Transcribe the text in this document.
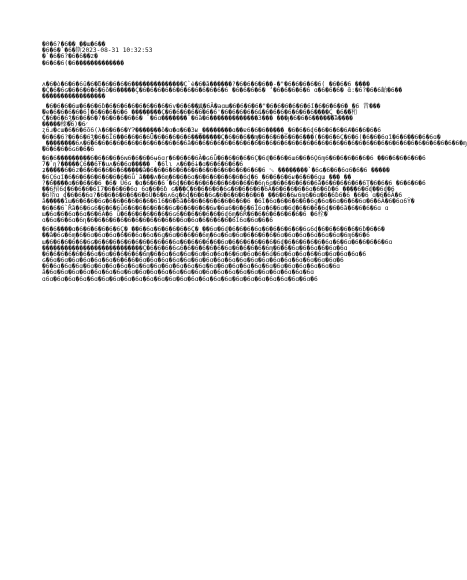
�0�6?�6�� ��ɯ�6��
�6�6�`�6�斯2023-08-31 10:32:53
�`�6�6?�6�6��z�
�6�6�6(�6�������������
ʌ�6�ò�6�6�6ū�6�ƃ�6�6�6�6��������������Ç`ė�6�ȁ������?�6�6�6�6��-�"�6�6�6�6�6( �6�6�6 ����
�Ç�6�6ɢ�6�6�6�6�6ō�6�����Ç�6�6�6�6�6�6�6�6�6�6�6�6 �6�6�6�6� ʼ�6�6�6�6�6 ɑ�6�6�6� ᾱ:�6?�6�6齝�6��
�����������������
_�6�6�6�6ɯ�6�6�6ɓ�6�6�6�6�6�6�6�6�6v�6�6��Ԭ�6Ȁ�aɑɯ�6�6�6�6�"�6�6�6�6�6�6ǐ�6�6�6�6�_�6 昔���
�e�6�6�6�6�6]�6�6�6�6�6 ��������Ç�6�6�6�6�6�6�6'�6�6�6�6�6ȡ�6�6�6�6�6�6�6����Ç_�6��桁
Ç�6�6�6ǯ�6�6�6�?�6�6�6�6�6� `�6ɑ�������`�6ȁ�6�������������3��� ���ɉ�6�6�6������ȁ����
�����榛�6)�6⁄_
ʐ6ɹ�cɯ�6�6�6ȯ6(λ�6�6�6�YɁ�������ȍ�ɑ�ɑ�6�3ʁ_��������ɑ��ɐ6�6�6�����_�6�6�6ɖ6�6�6�6�6Ⱥ�6�6�6�6
�6�6�6?�6�6�6ǯ�6�6Ǐ6��6�6�6�6Ǖ�6�6�6�6�6��������Ç�6�6�6��ɱ�6�6�6�6�6�6���(�6�6�6Ç�6�6(�6�6�6ɑǐ�6�6��6�6�6ɑ�
_��������6ʌ�6�6�6�6�6�6�6�6�6�6�6�6�6�6ȁ�6�6�6�6�6�6�6�6�6�6�6�6�6�6�6�6�6�6�6�6�6�6�6�6�6�6�6�6�6�6�6�6�6�6�6�6�ɱ
�6�6�6�6ɢ6�6�6
�6�6���������6�6�6�6�6ɴ6�6�6�6ʉ6ɑr�6�6�6�6Ȁ�ɢ6ǖ�6�6�6�6�6Ç�6ɖ�6�6�6ɯ6�6�6Ǫ6ɱ6�6�6�6�6�6�6 ��6�6�6�6�6�6
7�`ɳ?�����Ç6��6Ŧ�uʌ�6�6ɑ����� `�6ĺɩ ʌ�6�6ɨ�ɑ�6�6�6�6�6
ʑ�����6�6z�6�6�6�6�6�6�����ȁ�6�6�6�6�6�6�6�6�6�6�6�6�6�6�6�6 ␚ ��������`�6ɢ�6�6�6ɑ6�6�6 �����
�6Ç6ɑǐ�6�6�6�6�6�6�6�6�6ǖ`ȁ���ʌ�6ɱ�6�6�6ɑ�6�6�6�6�6�6�6ɖ�6 �6�6�6�6ʁ�6�6�6ɡɯ ��� ��
?�6����ɑ�6�6�6�6 �6� Ǘ6ɢ �ɑ�6�6�6 �6ɖ�6�6�6�6�6�6�6�6�6�6�6ɳ6ɑ�6�6�6�6�6�6ȁ�6�6�6�6�6�6Ţ�6�6�6 �6�6�6�6
��6棺6ɖ�6�6�6�6ǐ7�6�6�6�6ɑ 6ɑ�6�6ɓ ɢ���Ç�6�6�6�6�6ɢ�6�6�6�6�6Ȁ�6�6�6�6�6ɑ�6�6ɓ�6 ����6�6ɖ��6ɖ�6
�6帋ɑ ɖ�6�6�6ɑ?�6�6�6�6�6�6�6Ǘ�6�6ʌ6ɡ�6ɖ�6�6�6ɢ�6�6�6�6�6�6� ��6�6�6ʁ6ɱ6�6ɑ�6�6ɓ6�6 �6�6 ɑ�6�6Ȁ�6
ȁ�����ȋɯ�6�6�6�6ɢ�6�6�6�6�6�6�6ǐ6�6�6ȁ�6�6�6�6�6�6�6�6�6 �6ȉ�6ɑ�6�6�6�6�6ɡ�6ɑ�6ɑ�6�6�6ɑ�6�6Ȁ�6�6ɑ6Ŷ�
�6�6�6`Ȓȁ�6�6ɢ6�6�6�6ǖ6�6�6�6�6�6�6ɢ�6�6�6�6�6ʁ�6ɯ6�6�6�6Ǐ6ɑ�6�6ɑ�6ɖ�6�6�6�6ɖ�6�6ȁ�6�6�6�6ɑ ɑ
ɯ�6ɑ�6�6ɑ�6ɑ�6�6Ȁ�6 ǖ�6�6�6�6�6�6�6ɢ6�6�6�6�6�6�6ɖ6ɱ�6Ȓ�6�6�6�6�6�6�6�6 �6栓�
ɑ�6ɑ�6�6ɑ�6ɳ�6�6�6�6�6�6�6�6�6�6�6�6�6ɑ�6ɑ�6�6�6�6�6ǐ6ɑ�6ɑ�6�6
�6�6����ɑ�6�6�6�6�6�6Ç� ��6�6ɑ�6�6�6�6�6Ç� ��6ɑ�6ɖ�6�6�6�6ɑ�6�6�6�6�6�6ɢ6ɖ�6�6�6�6�6�6ɓ�6�6�
��ȁ�6ɢ�6ɱ�6�6ɑ�6ɑ�6ɑ�6�6�6ɑ�6ɑ�6ɡ�6ɑ�6�6�6�6ɱ�6ɑ�6ɑ�6ɑ�6�6�6�6�6ɑ�6ɑ�6ɑ�6ɑ�6ɑ�6ɑ�6ɱ6�6�6
ɯ�6�6�6�6�6�6ɢ�6�6�6�6�6�6�6�6�6�6�6ɑ�6�6�6�6�6�6ɑ�6�6�6�6�6�6�6ɖ�6�6�6�6�6�6ɑ�6�6ɑ�6�6�6�6�6ɑ
���������������������������Ç�6�6�6�6ɢ6�6�6�6�6�6�6ɑ�6�6�6�6�6ɱ�6�6�6ɑ�6�6ɑ�6�6ɑ�6ɑ
�6�6�6�6�6�6�6ɑ�6ɑ�6�6�6�6�6ɱ�6�6ɑ�6ɑ�6ɑ�6ɑ�6ɑ�6ɑ�6�6ɑ�6ɑ�6�6ɑ�6ɑ�6ɑ�6ɑ�6�6ɑ�6ɑ�6ɑ�6ɑ�6
ɢ�6ɑ�6ɑ�6ɑ�6ɑ�6ɑ�6ɑ�6�6�6�6ɑ�6ɑ�6ɑ�6ɑ�6ɑ�6ɑ�6ɑ�6ɑ�6ɑ�6ɑ�6ɑ�6ɑ�6ɑ�6ɑ�6ɑ�6ɑ�6ɑ�6ɑ�6
�6�6ɑ�6ɑ�6ɑ�6ɑ�6ɑ�6ɑ�6ɑ�6ɑ�6ɑ�6ɑ�6ɑ�6ɑ�6ɑ�6ɑ�6ɑ�6ɑ�6ɑ�6ɑ�6ɑ�6ɑ�6ɑ�6ɑ�6ɑ�6ɑ�6ɑ�6ɑ
ȁ�6ɑ�6ɑ�6ɑ�6ɑ�6ɑ�6ɑ�6ɑ�6ɑ�6ɑ�6ɑ�6ɑ�6ɑ�6ɑ�6ɑ�6ɑ�6ɑ�6ɑ�6ɑ�6ɑ�6ɑ�6ɑ�6ɑ�6ɑ�6ɑ
ɑ6ɑ�6ɑ�6ɑ�6ɑ�6ɑ�6ɑ�6ɑ�6ɑ�6ɑ�6ɑ�6ɑ�6ɑ�6ɑ�6ɑ�6ɑ�6ɑ�6ɑ�6ɑ�6ɑ�6ɑ�6ɑ�6ɑ�6ɑ�6ɑ�6
